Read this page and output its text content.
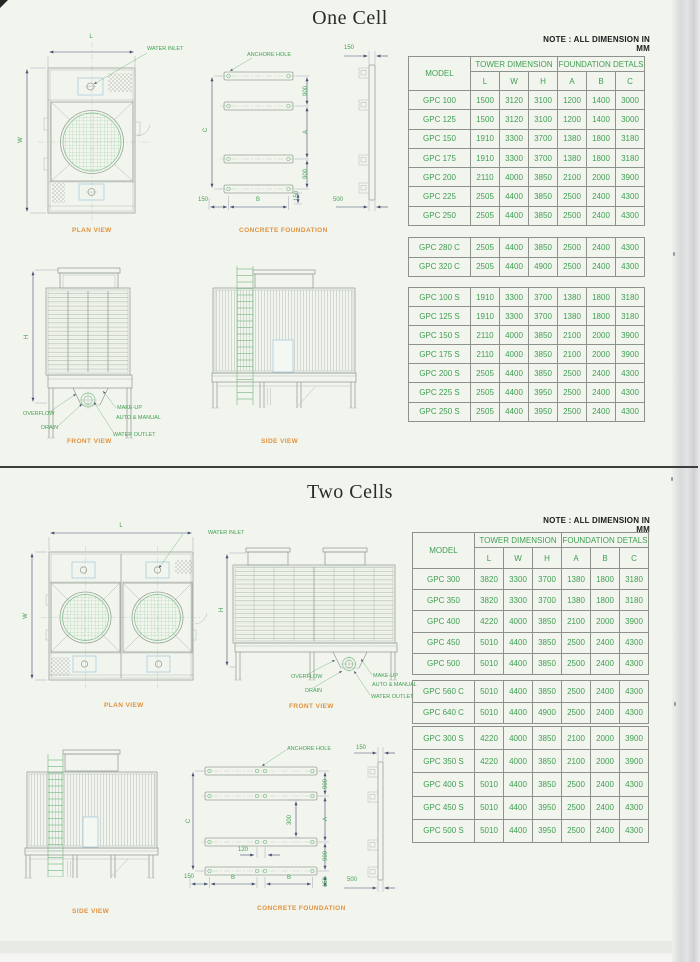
One Cell
NOTE : ALL DIMENSION IN MM
MODEL	TOWER DIMENSION			FOUNDATION DETALS		
	L	W	H	A	B	C
GPC 100	1500	3120	3100	1200	1400	3000
GPC 125	1500	3120	3100	1200	1400	3000
GPC 150	1910	3300	3700	1380	1800	3180
GPC 175	1910	3300	3700	1380	1800	3180
GPC 200	2110	4000	3850	2100	2000	3900
GPC 225	2505	4400	3850	2500	2400	4300
GPC 250	2505	4400	3850	2500	2400	4300
GPC 280 C	2505	4400	3850	2500	2400	4300
GPC 320 C	2505	4400	4900	2500	2400	4300
GPC 100 S	1910	3300	3700	1380	1800	3180
GPC 125 S	1910	3300	3700	1380	1800	3180
GPC 150 S	2110	4000	3850	2100	2000	3900
GPC 175 S	2110	4000	3850	2100	2000	3900
GPC 200 S	2505	4400	3850	2500	2400	4300
GPC 225 S	2505	4400	3950	2500	2400	4300
GPC 250 S	2505	4400	3950	2500	2400	4300
L
W
WATER INLET
PLAN VIEW
ANCHORE HOLE
C
900
A
900
150	B	150
CONCRETE FOUNDATION
150
500
H
OVERFLOW
DRAIN
MAKE-UP
AUTO & MANUAL
WATER OUTLET
FRONT VIEW	SIDE VIEW
Two Cells
NOTE : ALL DIMENSION IN MM
MODEL	TOWER DIMENSION			FOUNDATION DETALS		
	L	W	H	A	B	C
GPC 300	3820	3300	3700	1380	1800	3180
GPC 350	3820	3300	3700	1380	1800	3180
GPC 400	4220	4000	3850	2100	2000	3900
GPC 450	5010	4400	3850	2500	2400	4300
GPC 500	5010	4400	3850	2500	2400	4300
GPC 560 C	5010	4400	3850	2500	2400	4300
GPC 640 C	5010	4400	4900	2500	2400	4300
GPC 300 S	4220	4000	3850	2100	2000	3900
GPC 350 S	4220	4000	3850	2100	2000	3900
GPC 400 S	5010	4400	3850	2500	2400	4300
GPC 450 S	5010	4400	3950	2500	2400	4300
GPC 500 S	5010	4400	3950	2500	2400	4300
L
W
WATER INLET
PLAN VIEW
H
OVERFLOW
DRAIN
MAKE-UP
AUTO & MANUAL
WATER OUTLET
FRONT VIEW
SIDE VIEW
ANCHORE HOLE
C
900
A
900
150
300
120
150	B	B
CONCRETE FOUNDATION
150
500
